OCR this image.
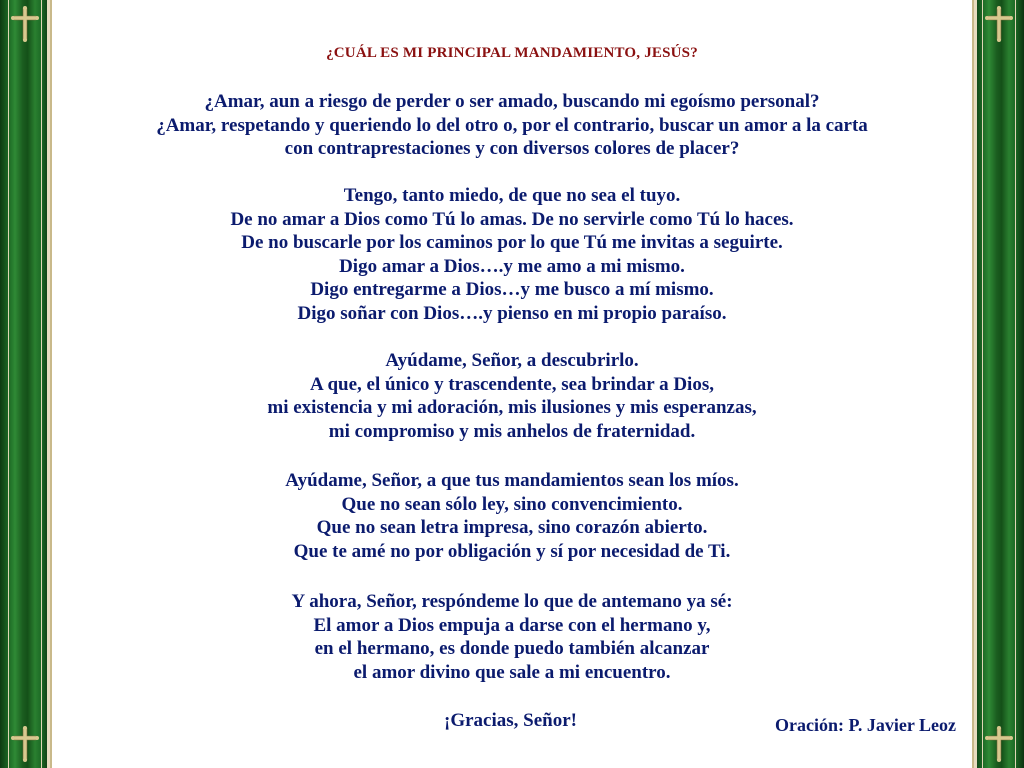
¿CUÁL ES MI PRINCIPAL MANDAMIENTO, JESÚS?
¿Amar, aun a riesgo de perder o ser amado, buscando mi egoísmo personal?
¿Amar, respetando y queriendo lo del otro o, por el contrario, buscar un amor a la carta
con contraprestaciones y con diversos colores de placer?
Tengo, tanto miedo, de que no sea el tuyo.
De no amar a Dios como Tú lo amas. De no servirle como Tú lo haces.
De no buscarle por los caminos por lo que Tú me invitas a seguirte.
Digo amar a Dios….y me amo a mi mismo.
Digo entregarme a Dios…y me busco a mí mismo.
Digo soñar con Dios….y pienso en mi propio paraíso.
Ayúdame, Señor, a descubrirlo.
A que, el único y trascendente, sea brindar a Dios,
mi existencia y mi adoración, mis ilusiones y mis esperanzas,
mi compromiso y mis anhelos de fraternidad.
Ayúdame, Señor, a que tus mandamientos sean los míos.
Que no sean sólo ley, sino convencimiento.
Que no sean letra impresa, sino corazón abierto.
Que te amé no por obligación y sí por necesidad de Ti.
Y ahora, Señor, respóndeme lo que de antemano ya sé:
El amor a Dios empuja a darse con el hermano y,
en el hermano, es donde puedo también alcanzar
el amor divino que sale a mi encuentro.
¡Gracias, Señor!	Oración: P. Javier Leoz
